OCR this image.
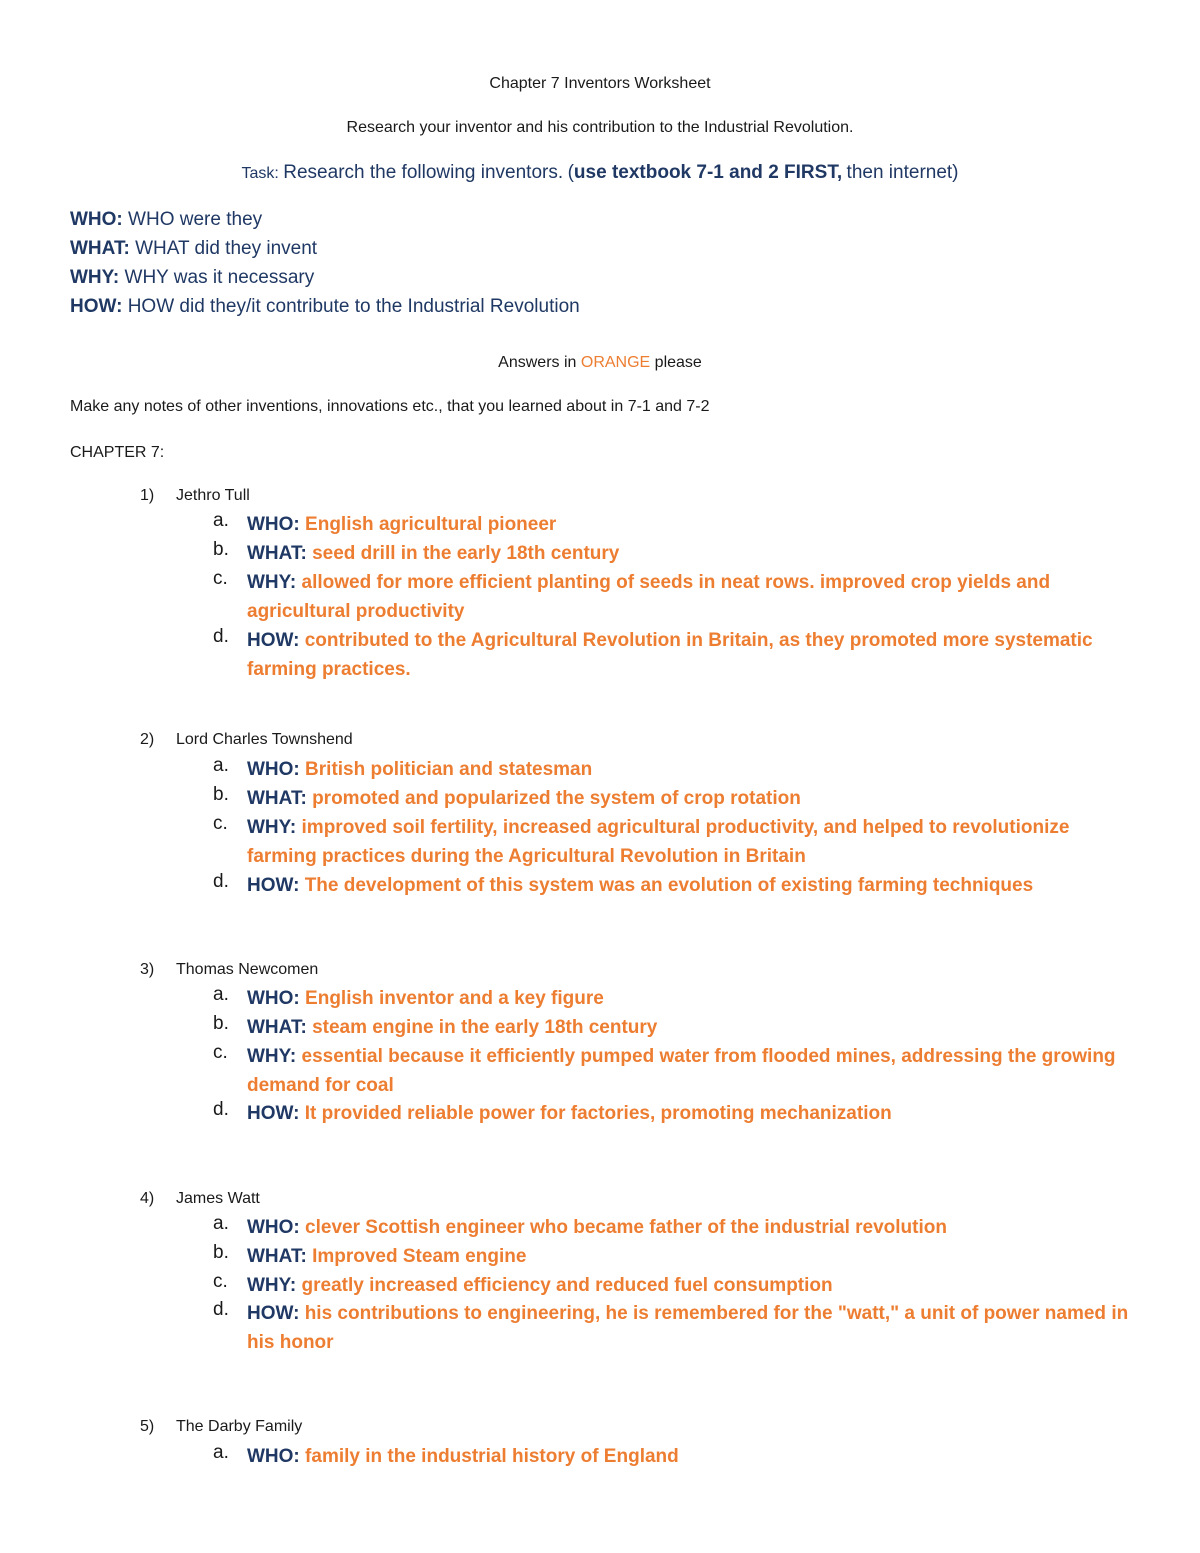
Chapter 7 Inventors Worksheet
Research your inventor and his contribution to the Industrial Revolution.
Task: Research the following inventors. (use textbook 7-1 and 2 FIRST, then internet)
WHO: WHO were they
WHAT: WHAT did they invent
WHY: WHY was it necessary
HOW: HOW did they/it contribute to the Industrial Revolution
Answers in ORANGE please
Make any notes of other inventions, innovations etc., that you learned about in 7-1 and 7-2
CHAPTER 7:
1) Jethro Tull
a. WHO: English agricultural pioneer
b. WHAT: seed drill in the early 18th century
c. WHY: allowed for more efficient planting of seeds in neat rows. improved crop yields and agricultural productivity
d. HOW: contributed to the Agricultural Revolution in Britain, as they promoted more systematic farming practices.
2) Lord Charles Townshend
a. WHO: British politician and statesman
b. WHAT: promoted and popularized the system of crop rotation
c. WHY: improved soil fertility, increased agricultural productivity, and helped to revolutionize farming practices during the Agricultural Revolution in Britain
d. HOW: The development of this system was an evolution of existing farming techniques
3) Thomas Newcomen
a. WHO: English inventor and a key figure
b. WHAT: steam engine in the early 18th century
c. WHY: essential because it efficiently pumped water from flooded mines, addressing the growing demand for coal
d. HOW: It provided reliable power for factories, promoting mechanization
4) James Watt
a. WHO: clever Scottish engineer who became father of the industrial revolution
b. WHAT: Improved Steam engine
c. WHY: greatly increased efficiency and reduced fuel consumption
d. HOW: his contributions to engineering, he is remembered for the "watt," a unit of power named in his honor
5) The Darby Family
a. WHO: family in the industrial history of England
